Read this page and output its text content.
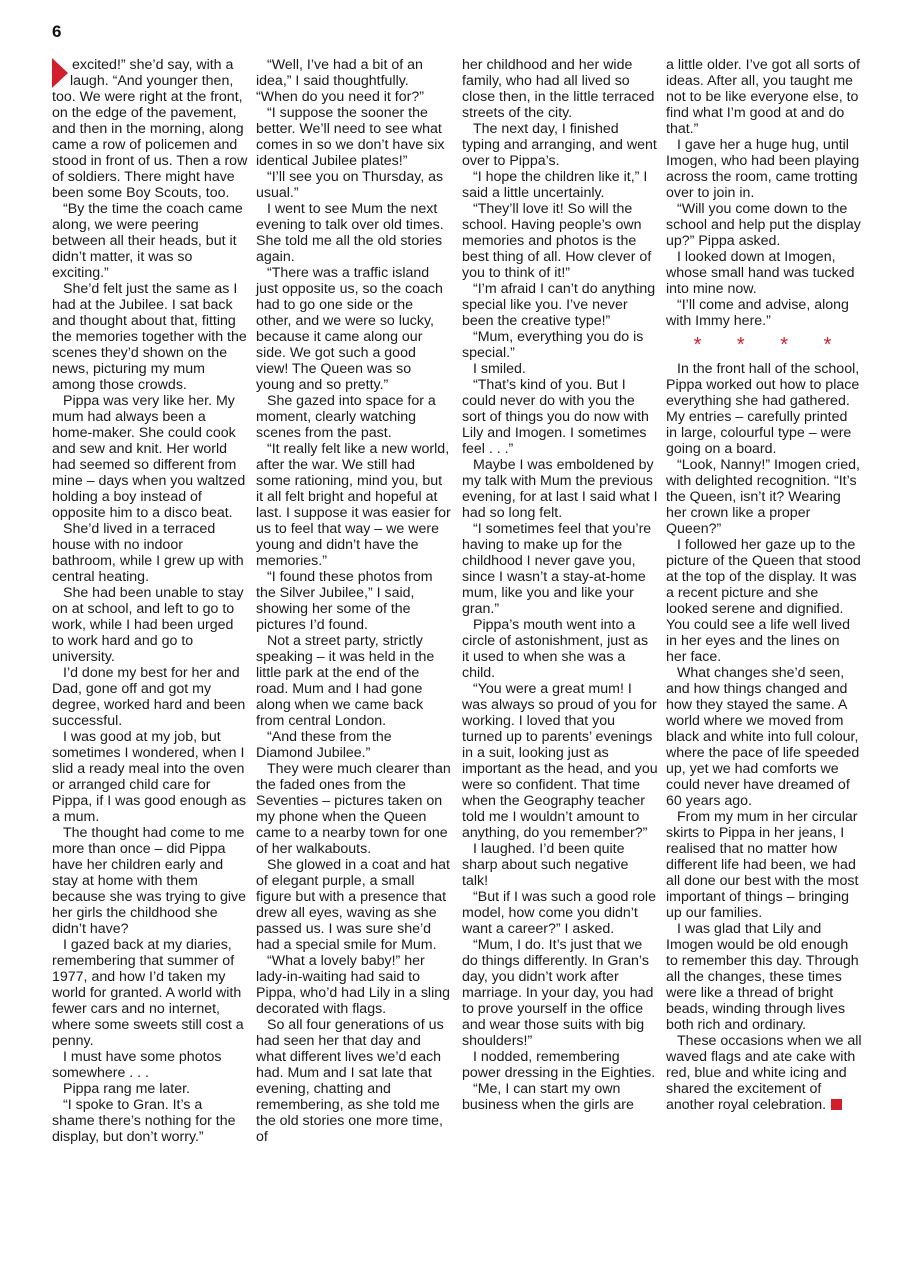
6

excited!” she’d say, with a laugh. “And younger then, too. We were right at the front, on the edge of the pavement, and then in the morning, along came a row of policemen and stood in front of us. Then a row of soldiers. There might have been some Boy Scouts, too.

“By the time the coach came along, we were peering between all their heads, but it didn’t matter, it was so exciting.”

She’d felt just the same as I had at the Jubilee. I sat back and thought about that, fitting the memories together with the scenes they’d shown on the news, picturing my mum among those crowds.

Pippa was very like her. My mum had always been a home-maker. She could cook and sew and knit. Her world had seemed so different from mine – days when you waltzed holding a boy instead of opposite him to a disco beat.

She’d lived in a terraced house with no indoor bathroom, while I grew up with central heating.

She had been unable to stay on at school, and left to go to work, while I had been urged to work hard and go to university.

I’d done my best for her and Dad, gone off and got my degree, worked hard and been successful.

I was good at my job, but sometimes I wondered, when I slid a ready meal into the oven or arranged child care for Pippa, if I was good enough as a mum.

The thought had come to me more than once – did Pippa have her children early and stay at home with them because she was trying to give her girls the childhood she didn’t have?

I gazed back at my diaries, remembering that summer of 1977, and how I’d taken my world for granted. A world with fewer cars and no internet, where some sweets still cost a penny.

I must have some photos somewhere . . .

Pippa rang me later.

“I spoke to Gran. It’s a shame there’s nothing for the display, but don’t worry.”

“Well, I’ve had a bit of an idea,” I said thoughtfully. “When do you need it for?”

“I suppose the sooner the better. We’ll need to see what comes in so we don’t have six identical Jubilee plates!”

“I’ll see you on Thursday, as usual.”

I went to see Mum the next evening to talk over old times. She told me all the old stories again.

“There was a traffic island just opposite us, so the coach had to go one side or the other, and we were so lucky, because it came along our side. We got such a good view! The Queen was so young and so pretty.”

She gazed into space for a moment, clearly watching scenes from the past.

“It really felt like a new world, after the war. We still had some rationing, mind you, but it all felt bright and hopeful at last. I suppose it was easier for us to feel that way – we were young and didn’t have the memories.”

“I found these photos from the Silver Jubilee,” I said, showing her some of the pictures I’d found.

Not a street party, strictly speaking – it was held in the little park at the end of the road. Mum and I had gone along when we came back from central London.

“And these from the Diamond Jubilee.”

They were much clearer than the faded ones from the Seventies – pictures taken on my phone when the Queen came to a nearby town for one of her walkabouts.

She glowed in a coat and hat of elegant purple, a small figure but with a presence that drew all eyes, waving as she passed us. I was sure she’d had a special smile for Mum.

“What a lovely baby!” her lady-in-waiting had said to Pippa, who’d had Lily in a sling decorated with flags.

So all four generations of us had seen her that day and what different lives we’d each had. Mum and I sat late that evening, chatting and remembering, as she told me the old stories one more time, of

her childhood and her wide family, who had all lived so close then, in the little terraced streets of the city.

The next day, I finished typing and arranging, and went over to Pippa’s.

“I hope the children like it,” I said a little uncertainly.

“They’ll love it! So will the school. Having people’s own memories and photos is the best thing of all. How clever of you to think of it!”

“I’m afraid I can’t do anything special like you. I’ve never been the creative type!”

“Mum, everything you do is special.”

I smiled.

“That’s kind of you. But I could never do with you the sort of things you do now with Lily and Imogen. I sometimes feel . . .”

Maybe I was emboldened by my talk with Mum the previous evening, for at last I said what I had so long felt.

“I sometimes feel that you’re having to make up for the childhood I never gave you, since I wasn’t a stay-at-home mum, like you and like your gran.”

Pippa’s mouth went into a circle of astonishment, just as it used to when she was a child.

“You were a great mum! I was always so proud of you for working. I loved that you turned up to parents’ evenings in a suit, looking just as important as the head, and you were so confident. That time when the Geography teacher told me I wouldn’t amount to anything, do you remember?”

I laughed. I’d been quite sharp about such negative talk!

“But if I was such a good role model, how come you didn’t want a career?” I asked.

“Mum, I do. It’s just that we do things differently. In Gran’s day, you didn’t work after marriage. In your day, you had to prove yourself in the office and wear those suits with big shoulders!”

I nodded, remembering power dressing in the Eighties.

“Me, I can start my own business when the girls are

a little older. I’ve got all sorts of ideas. After all, you taught me not to be like everyone else, to find what I’m good at and do that.”

I gave her a huge hug, until Imogen, who had been playing across the room, came trotting over to join in.

“Will you come down to the school and help put the display up?” Pippa asked.

I looked down at Imogen, whose small hand was tucked into mine now.

“I’ll come and advise, along with Immy here.”

* * * *

In the front hall of the school, Pippa worked out how to place everything she had gathered. My entries – carefully printed in large, colourful type – were going on a board.

“Look, Nanny!” Imogen cried, with delighted recognition. “It’s the Queen, isn’t it? Wearing her crown like a proper Queen?”

I followed her gaze up to the picture of the Queen that stood at the top of the display. It was a recent picture and she looked serene and dignified. You could see a life well lived in her eyes and the lines on her face.

What changes she’d seen, and how things changed and how they stayed the same. A world where we moved from black and white into full colour, where the pace of life speeded up, yet we had comforts we could never have dreamed of 60 years ago.

From my mum in her circular skirts to Pippa in her jeans, I realised that no matter how different life had been, we had all done our best with the most important of things – bringing up our families.

I was glad that Lily and Imogen would be old enough to remember this day. Through all the changes, these times were like a thread of bright beads, winding through lives both rich and ordinary.

These occasions when we all waved flags and ate cake with red, blue and white icing and shared the excitement of another royal celebration.
